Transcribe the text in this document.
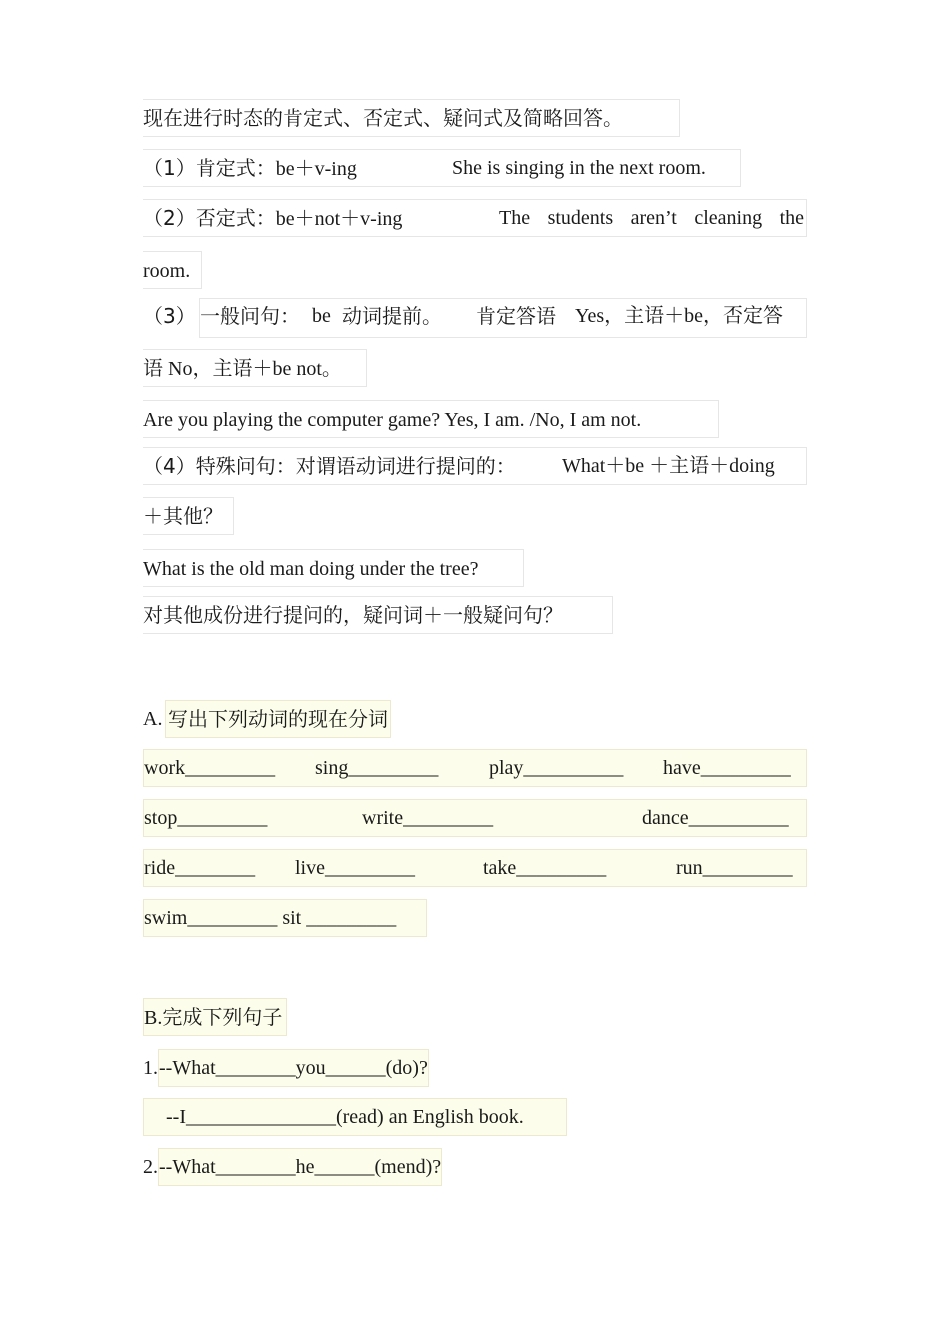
现在进行时态的肯定式、否定式、疑问式及简略回答。
（1）肯定式：be＋v-ing	She is singing in the next room.
（2）否定式：be＋not＋v-ing	The students aren’t cleaning the
room.
（3） 一般问句： be 动词提前。 肯定答语 Yes，主语＋be，否定答
语 No，主语＋be not。
Are you playing the computer game? Yes, I am. /No, I am not.
（4）特殊问句：对谓语动词进行提问的： What＋be ＋主语＋doing
＋其他？
What is the old man doing under the tree?
对其他成份进行提问的，疑问词＋一般疑问句？
A. 写出下列动词的现在分词
work_________ sing_________	play__________ have_________
stop_________	write_________	dance__________
ride________ live_________	take_________	run_________
swim_________ sit _________
B.完成下列句子
1.--What________you______(do)?
--I_______________(read) an English book.
2.--What________he______(mend)?
